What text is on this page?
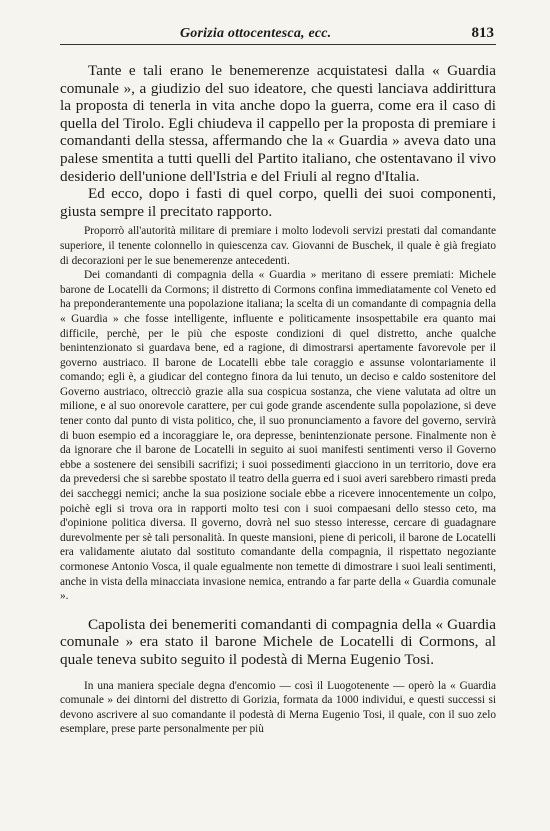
Gorizia ottocentesca, ecc.	813

Tante e tali erano le benemerenze acquistatesi dalla « Guardia comunale », a giudizio del suo ideatore, che questi lanciava addirittura la proposta di tenerla in vita anche dopo la guerra, come era il caso di quella del Tirolo. Egli chiudeva il cappello per la proposta di premiare i comandanti della stessa, affermando che la « Guardia » aveva dato una palese smentita a tutti quelli del Partito italiano, che ostentavano il vivo desiderio dell'unione dell'Istria e del Friuli al regno d'Italia.

Ed ecco, dopo i fasti di quel corpo, quelli dei suoi componenti, giusta sempre il precitato rapporto.

Proporrò all'autorità militare di premiare i molto lodevoli servizi prestati dal comandante superiore, il tenente colonnello in quiescenza cav. Giovanni de Buschek, il quale è già fregiato di decorazioni per le sue benemerenze antecedenti.

Dei comandanti di compagnia della « Guardia » meritano di essere premiati: Michele barone de Locatelli da Cormons; il distretto di Cormons confina immediatamente col Veneto ed ha preponderantemente una popolazione italiana; la scelta di un comandante di compagnia della « Guardia » che fosse intelligente, influente e politicamente insospettabile era quanto mai difficile, perchè, per le più che esposte condizioni di quel distretto, anche qualche benintenzionato si guardava bene, ed a ragione, di dimostrarsi apertamente favorevole per il governo austriaco. Il barone de Locatelli ebbe tale coraggio e assunse volontariamente il comando; egli è, a giudicar del contegno finora da lui tenuto, un deciso e caldo sostenitore del Governo austriaco, oltrecciò grazie alla sua cospicua sostanza, che viene valutata ad oltre un milione, e al suo onorevole carattere, per cui gode grande ascendente sulla popolazione, si deve tener conto dal punto di vista politico, che, il suo pronunciamento a favore del governo, servirà di buon esempio ed a incoraggiare le, ora depresse, benintenzionate persone. Finalmente non è da ignorare che il barone de Locatelli in seguito ai suoi manifesti sentimenti verso il Governo ebbe a sostenere dei sensibili sacrifizi; i suoi possedimenti giacciono in un territorio, dove era da prevedersi che si sarebbe spostato il teatro della guerra ed i suoi averi sarebbero rimasti preda dei saccheggi nemici; anche la sua posizione sociale ebbe a ricevere innocentemente un colpo, poichè egli si trova ora in rapporti molto tesi con i suoi compaesani dello stesso ceto, ma d'opinione politica diversa. Il governo, dovrà nel suo stesso interesse, cercare di guadagnare durevolmente per sè tali personalità. In queste mansioni, piene di pericoli, il barone de Locatelli era validamente aiutato dal sostituto comandante della compagnia, il rispettato negoziante cormonese Antonio Vosca, il quale egualmente non temette di dimostrare i suoi leali sentimenti, anche in vista della minacciata invasione nemica, entrando a far parte della « Guardia comunale ».

Capolista dei benemeriti comandanti di compagnia della « Guardia comunale » era stato il barone Michele de Locatelli di Cormons, al quale teneva subito seguito il podestà di Merna Eugenio Tosi.

In una maniera speciale degna d'encomio — così il Luogotenente — operò la « Guardia comunale » dei dintorni del distretto di Gorizia, formata da 1000 individui, e questi successi si devono ascrivere al suo comandante il podestà di Merna Eugenio Tosi, il quale, con il suo zelo esemplare, prese parte personalmente per più
